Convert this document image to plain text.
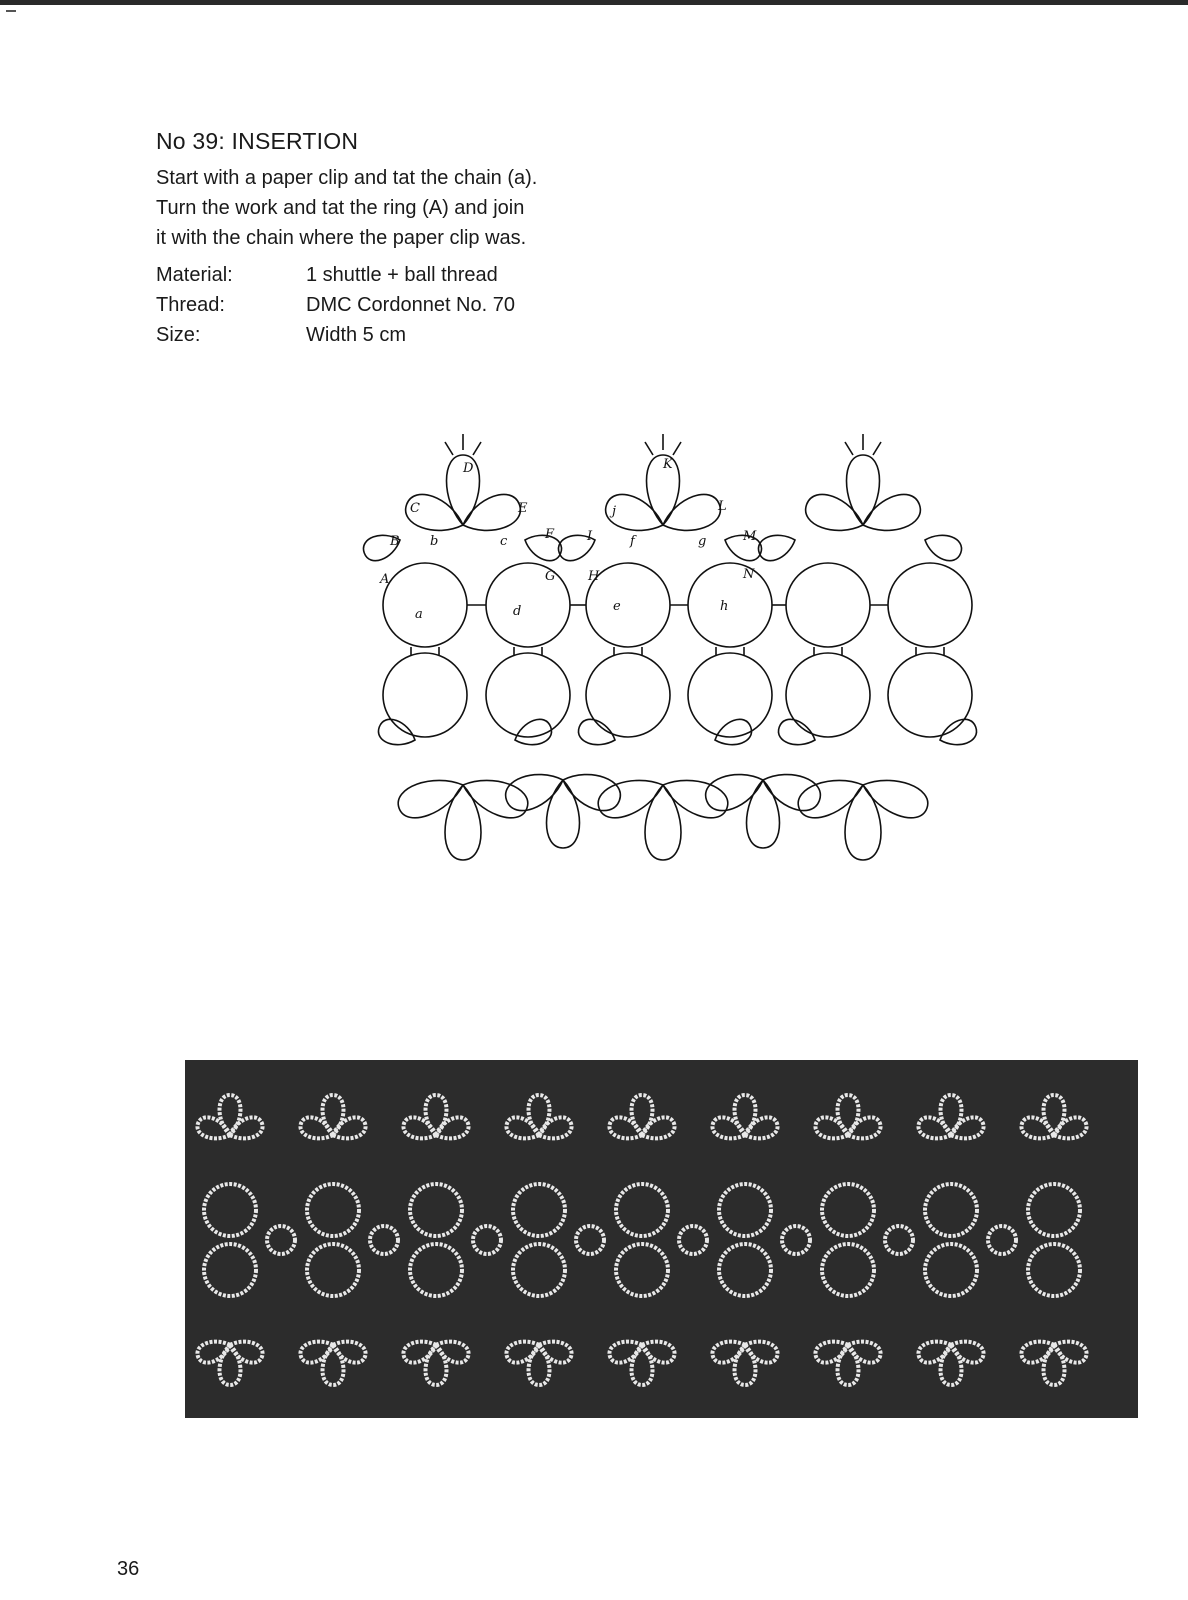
No 39: INSERTION

Start with a paper clip and tat the chain (a).

Turn the work and tat the ring (A) and join

it with the chain where the paper clip was.

Material:	1 shuttle + ball thread
Thread:	DMC Cordonnet No. 70
Size:	Width 5 cm
A
B
C
D
E
F
G	H
I
j
K
L
M
N
a
b	c
d	e
f	g
h
36
